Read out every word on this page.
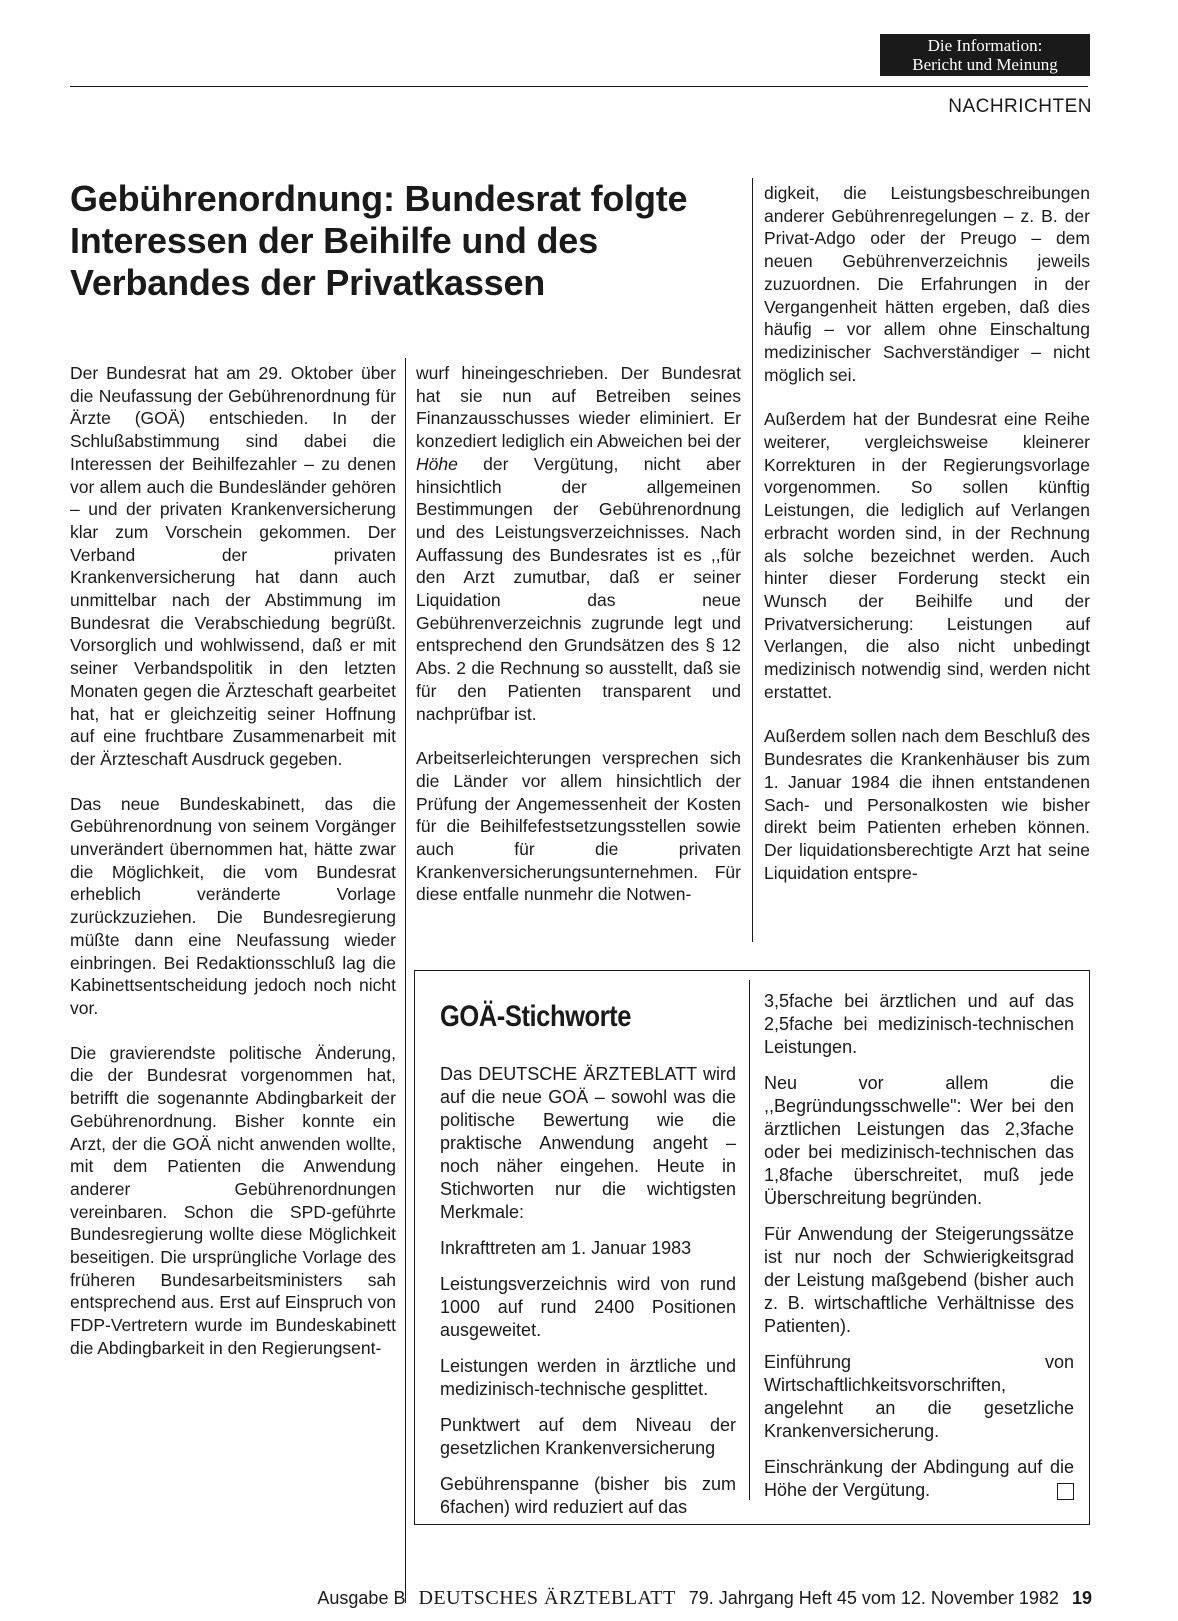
Die Information:
Bericht und Meinung
NACHRICHTEN
Gebührenordnung: Bundesrat folgte Interessen der Beihilfe und des Verbandes der Privatkassen

Der Bundesrat hat am 29. Oktober über die Neufassung der Gebührenordnung für Ärzte (GOÄ) entschieden. In der Schlußabstimmung sind dabei die Interessen der Beihilfezahler – zu denen vor allem auch die Bundesländer gehören – und der privaten Krankenversicherung klar zum Vorschein gekommen. Der Verband der privaten Krankenversicherung hat dann auch unmittelbar nach der Abstimmung im Bundesrat die Verabschiedung begrüßt. Vorsorglich und wohlwissend, daß er mit seiner Verbandspolitik in den letzten Monaten gegen die Ärzteschaft gearbeitet hat, hat er gleichzeitig seiner Hoffnung auf eine fruchtbare Zusammenarbeit mit der Ärzteschaft Ausdruck gegeben.

Das neue Bundeskabinett, das die Gebührenordnung von seinem Vorgänger unverändert übernommen hat, hätte zwar die Möglichkeit, die vom Bundesrat erheblich veränderte Vorlage zurückzuziehen. Die Bundesregierung müßte dann eine Neufassung wieder einbringen. Bei Redaktionsschluß lag die Kabinettsentscheidung jedoch noch nicht vor.

Die gravierendste politische Änderung, die der Bundesrat vorgenommen hat, betrifft die sogenannte Abdingbarkeit der Gebührenordnung. Bisher konnte ein Arzt, der die GOÄ nicht anwenden wollte, mit dem Patienten die Anwendung anderer Gebührenordnungen vereinbaren. Schon die SPD-geführte Bundesregierung wollte diese Möglichkeit beseitigen. Die ursprüngliche Vorlage des früheren Bundesarbeitsministers sah entsprechend aus. Erst auf Einspruch von FDP-Vertretern wurde im Bundeskabinett die Abdingbarkeit in den Regierungsent-

wurf hineingeschrieben. Der Bundesrat hat sie nun auf Betreiben seines Finanzausschusses wieder eliminiert. Er konzediert lediglich ein Abweichen bei der Höhe der Vergütung, nicht aber hinsichtlich der allgemeinen Bestimmungen der Gebührenordnung und des Leistungsverzeichnisses. Nach Auffassung des Bundesrates ist es ,,für den Arzt zumutbar, daß er seiner Liquidation das neue Gebührenverzeichnis zugrunde legt und entsprechend den Grundsätzen des § 12 Abs. 2 die Rechnung so ausstellt, daß sie für den Patienten transparent und nachprüfbar ist.

Arbeitserleichterungen versprechen sich die Länder vor allem hinsichtlich der Prüfung der Angemessenheit der Kosten für die Beihilfefestsetzungsstellen sowie auch für die privaten Krankenversicherungsunternehmen. Für diese entfalle nunmehr die Notwen-

digkeit, die Leistungsbeschreibungen anderer Gebührenregelungen – z. B. der Privat-Adgo oder der Preugo – dem neuen Gebührenverzeichnis jeweils zuzuordnen. Die Erfahrungen in der Vergangenheit hätten ergeben, daß dies häufig – vor allem ohne Einschaltung medizinischer Sachverständiger – nicht möglich sei.

Außerdem hat der Bundesrat eine Reihe weiterer, vergleichsweise kleinerer Korrekturen in der Regierungsvorlage vorgenommen. So sollen künftig Leistungen, die lediglich auf Verlangen erbracht worden sind, in der Rechnung als solche bezeichnet werden. Auch hinter dieser Forderung steckt ein Wunsch der Beihilfe und der Privatversicherung: Leistungen auf Verlangen, die also nicht unbedingt medizinisch notwendig sind, werden nicht erstattet.

Außerdem sollen nach dem Beschluß des Bundesrates die Krankenhäuser bis zum 1. Januar 1984 die ihnen entstandenen Sach- und Personalkosten wie bisher direkt beim Patienten erheben können. Der liquidationsberechtigte Arzt hat seine Liquidation entspre-

GOÄ-Stichworte

Das DEUTSCHE ÄRZTEBLATT wird auf die neue GOÄ – sowohl was die politische Bewertung wie die praktische Anwendung angeht – noch näher eingehen. Heute in Stichworten nur die wichtigsten Merkmale:

Inkrafttreten am 1. Januar 1983

Leistungsverzeichnis wird von rund 1000 auf rund 2400 Positionen ausgeweitet.

Leistungen werden in ärztliche und medizinisch-technische gesplittet.

Punktwert auf dem Niveau der gesetzlichen Krankenversicherung

Gebührenspanne (bisher bis zum 6fachen) wird reduziert auf das

3,5fache bei ärztlichen und auf das 2,5fache bei medizinisch-technischen Leistungen.

Neu vor allem die ,,Begründungsschwelle": Wer bei den ärztlichen Leistungen das 2,3fache oder bei medizinisch-technischen das 1,8fache überschreitet, muß jede Überschreitung begründen.

Für Anwendung der Steigerungssätze ist nur noch der Schwierigkeitsgrad der Leistung maßgebend (bisher auch z. B. wirtschaftliche Verhältnisse des Patienten).

Einführung von Wirtschaftlichkeitsvorschriften, angelehnt an die gesetzliche Krankenversicherung.

Einschränkung der Abdingung auf die Höhe der Vergütung.

Ausgabe B DEUTSCHES ÄRZTEBLATT 79. Jahrgang Heft 45 vom 12. November 1982 19
